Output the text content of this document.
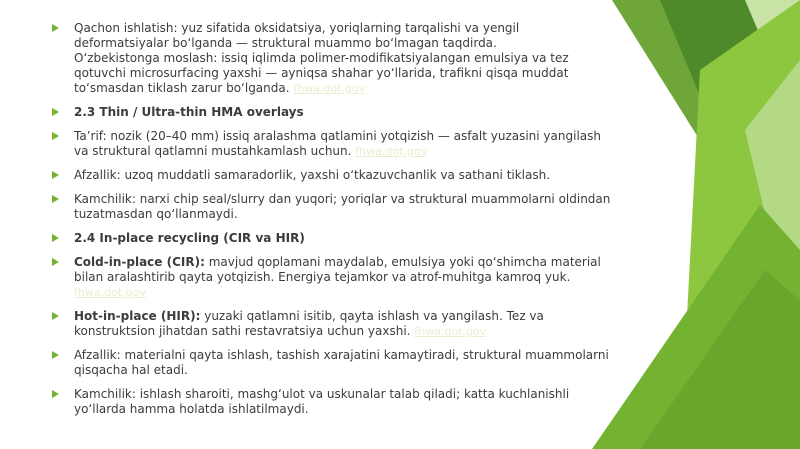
Qachon ishlatish: yuz sifatida oksidatsiya, yoriqlarning tarqalishi va yengil deformatsiyalar bo‘lganda — struktural muammo bo‘lmagan taqdirda.

O‘zbekistonga moslash: issiq iqlimda polimer-modifikatsiyalangan emulsiya va tez qotuvchi microsurfacing yaxshi — ayniqsa shahar yo‘llarida, trafikni qisqa muddat to‘smasdan tiklash zarur bo‘lganda. fhwa.dot.gov

2.3 Thin / Ultra-thin HMA overlays

Ta’rif: nozik (20–40 mm) issiq aralashma qatlamini yotqizish — asfalt yuzasini yangilash va struktural qatlamni mustahkamlash uchun. fhwa.dot.gov

Afzallik: uzoq muddatli samaradorlik, yaxshi o‘tkazuvchanlik va sathani tiklash.

Kamchilik: narxi chip seal/slurry dan yuqori; yoriqlar va struktural muammolarni oldindan tuzatmasdan qo‘llanmaydi.

2.4 In-place recycling (CIR va HIR)

Cold-in-place (CIR): mavjud qoplamani maydalab, emulsiya yoki qo‘shimcha material bilan aralashtirib qayta yotqizish. Energiya tejamkor va atrof-muhitga kamroq yuk. fhwa.dot.gov

Hot-in-place (HIR): yuzaki qatlamni isitib, qayta ishlash va yangilash. Tez va konstruktsion jihatdan sathi restavratsiya uchun yaxshi. fhwa.dot.gov

Afzallik: materialni qayta ishlash, tashish xarajatini kamaytiradi, struktural muammolarni qisqacha hal etadi.

Kamchilik: ishlash sharoiti, mashg‘ulot va uskunalar talab qiladi; katta kuchlanishli yo‘llarda hamma holatda ishlatilmaydi.
